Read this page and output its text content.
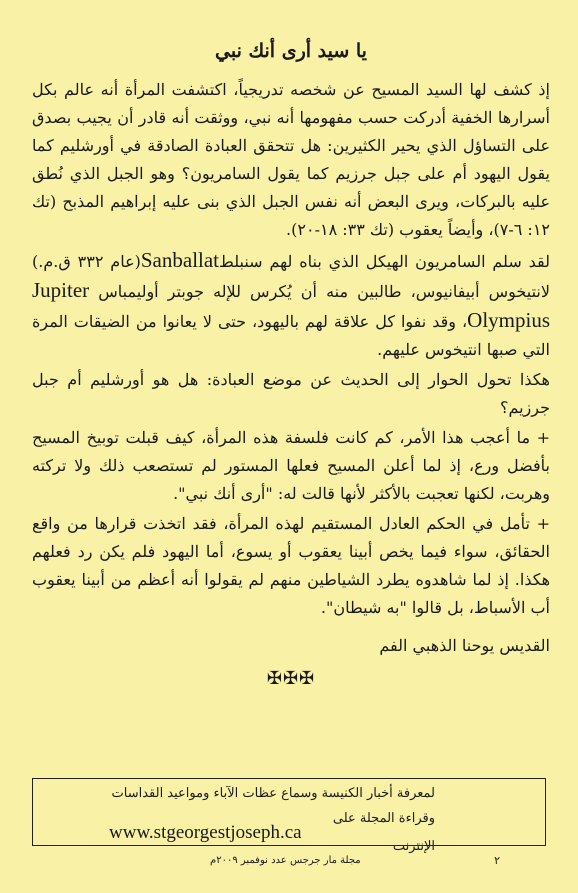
يا سيد أرى أنك نبي

إذ كشف لها السيد المسيح عن شخصه تدريجياً، اكتشفت المرأة أنه عالم بكل أسرارها الخفية أدركت حسب مفهومها أنه نبي، ووثقت أنه قادر أن يجيب بصدق على التساؤل الذي يحير الكثيرين: هل تتحقق العبادة الصادقة في أورشليم كما يقول اليهود أم على جبل جرزيم كما يقول السامريون؟ وهو الجبل الذي نُطق عليه بالبركات، ويرى البعض أنه نفس الجبل الذي بنى عليه إبراهيم المذبح (تك ١٢: ٦-٧)، وأيضاً يعقوب (تك ٣٣: ١٨-٢٠).

لقد سلم السامريون الهيكل الذي بناه لهم سنبلطSanballat(عام ٣٣٢ ق.م.) لانتيخوس أبيفانيوس، طالبين منه أن يُكرس للإله جوبتر أوليمباس Jupiter Olympius، وقد نفوا كل علاقة لهم باليهود، حتى لا يعانوا من الضيقات المرة التي صبها انتيخوس عليهم.

هكذا تحول الحوار إلى الحديث عن موضع العبادة: هل هو أورشليم أم جبل جرزيم؟

+ ما أعجب هذا الأمر، كم كانت فلسفة هذه المرأة، كيف قبلت توبيخ المسيح بأفضل ورع، إذ لما أعلن المسيح فعلها المستور لم تستصعب ذلك ولا تركته وهربت، لكنها تعجبت بالأكثر لأنها قالت له: "أرى أنك نبي".

+ تأمل في الحكم العادل المستقيم لهذه المرأة، فقد اتخذت قرارها من واقع الحقائق، سواء فيما يخص أبينا يعقوب أو يسوع، أما اليهود فلم يكن رد فعلهم هكذا. إذ لما شاهدوه يطرد الشياطين منهم لم يقولوا أنه أعظم من أبينا يعقوب أب الأسباط، بل قالوا "به شيطان".

القديس يوحنا الذهبي الفم
✠✠✠
لمعرفة أخبار الكنيسة وسماع عظات الآباء ومواعيد القداسات
وقراءة المجلة على الإنترنت
www.stgeorgestjoseph.ca
٢
مجلة مار جرجس عدد نوفمبر ٢٠٠٩م
